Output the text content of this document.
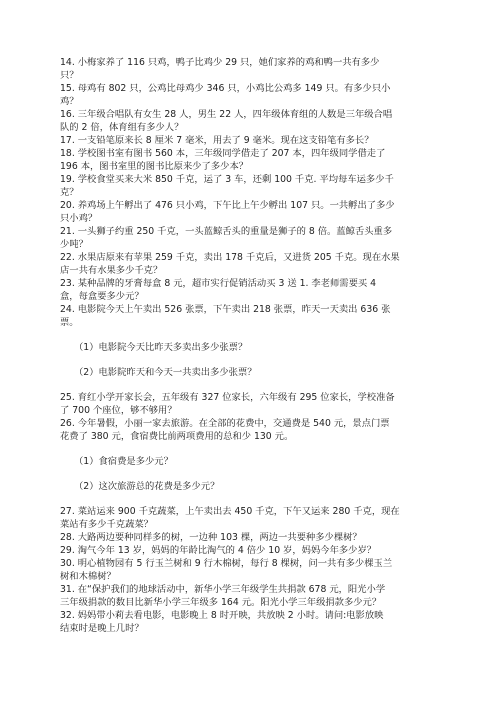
14. 小梅家养了 116 只鸡，鸭子比鸡少 29 只，她们家养的鸡和鸭一共有多少
只？
15. 母鸡有 802 只，公鸡比母鸡少 346 只，小鸡比公鸡多 149 只。有多少只小
鸡？
16. 三年级合唱队有女生 28 人，男生 22 人，四年级体育组的人数是三年级合唱
队的 2 倍，体育组有多少人？
17. 一支铅笔原来长 8 厘米 7 毫米，用去了 9 毫米。现在这支铅笔有多长？
18. 学校图书室有图书 560 本，三年级同学借走了 207 本，四年级同学借走了
196 本，图书室里的图书比原来少了多少本？
19. 学校食堂买来大米 850 千克，运了 3 车，还剩 100 千克. 平均每车运多少千
克？
20. 养鸡场上午孵出了 476 只小鸡，下午比上午少孵出 107 只。一共孵出了多少
只小鸡？
21. 一头狮子约重 250 千克，一头蓝鲸舌头的重量是狮子的 8 倍。蓝鲸舌头重多
少吨？
22. 水果店原来有苹果 259 千克，卖出 178 千克后，又进货 205 千克。现在水果
店一共有水果多少千克？
23. 某种品牌的牙膏每盒 8 元，超市实行促销活动买 3 送 1. 李老师需要买 4
盒，每盒要多少元？
24. 电影院今天上午卖出 526 张票，下午卖出 218 张票，昨天一天卖出 636 张
票。
（1）电影院今天比昨天多卖出多少张票？
（2）电影院昨天和今天一共卖出多少张票？
25. 育红小学开家长会，五年级有 327 位家长，六年级有 295 位家长，学校准备
了 700 个座位，够不够用？
26. 今年暑假，小丽一家去旅游。在全部的花费中，交通费是 540 元，景点门票
花费了 380 元，食宿费比前两项费用的总和少 130 元。
（1）食宿费是多少元？
（2）这次旅游总的花费是多少元？
27. 菜站运来 900 千克蔬菜，上午卖出去 450 千克，下午又运来 280 千克，现在
菜站有多少千克蔬菜？
28. 大路两边要种同样多的树，一边种 103 棵，两边一共要种多少棵树？
29. 淘气今年 13 岁，妈妈的年龄比淘气的 4 倍少 10 岁，妈妈今年多少岁？
30. 明心植物园有 5 行玉兰树和 9 行木棉树，每行 8 棵树，问一共有多少棵玉兰
树和木棉树？
31. 在“保护我们的地球活动中，新华小学三年级学生共捐款 678 元，阳光小学
三年级捐款的数目比新华小学三年级多 164 元。阳光小学三年级捐款多少元？
32. 妈妈带小莉去看电影，电影晚上 8 时开映，共放映 2 小时。请问:电影放映
结束时是晚上几时？
